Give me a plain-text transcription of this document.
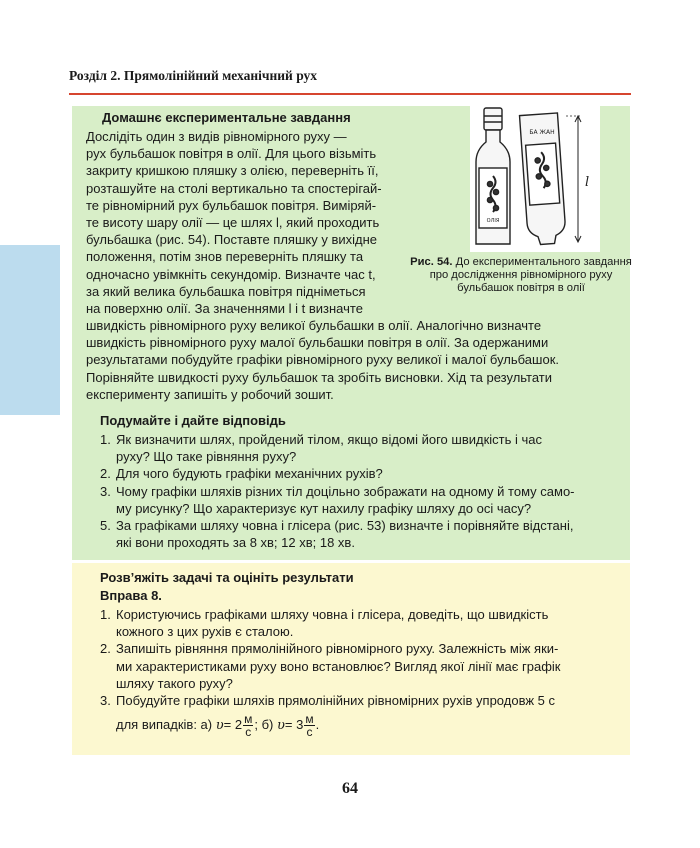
Розділ 2. Прямолінійний механічний рух
Домашнє експериментальне завдання
Дослідіть один з видів рівномірного руху —
рух бульбашок повітря в олії. Для цього візьміть
закриту кришкою пляшку з олією, переверніть її,
розташуйте на столі вертикально та спостерігай-
те рівномірний рух бульбашок повітря. Виміряй-
те висоту шару олії — це шлях l, який проходить
бульбашка (рис. 54). Поставте пляшку у вихідне
положення, потім знов переверніть пляшку та
одночасно увімкніть секундомір. Визначте час t,
за який велика бульбашка повітря підніметься
на поверхню олії. За значеннями l і t визначте
швидкість рівномірного руху великої бульбашки в олії. Аналогічно визначте
швидкість рівномірного руху малої бульбашки повітря в олії. За одержаними
результатами побудуйте графіки рівномірного руху великої і малої бульбашок.
Порівняйте швидкості руху бульбашок та зробіть висновки. Хід та результати
експерименту запишіть у робочий зошит.
ОЛІЯ
БА ЖАН
l
Рис. 54. До експериментального завдання про дослідження рівномірного руху бульбашок повітря в олії
Подумайте і дайте відповідь
1. Як визначити шлях, пройдений тілом, якщо відомі його швидкість і час
руху? Що таке рівняння руху?
2. Для чого будують графіки механічних рухів?
3. Чому графіки шляхів різних тіл доцільно зображати на одному й тому само-
му рисунку? Що характеризує кут нахилу графіку шляху до осі часу?
5. За графіками шляху човна і глісера (рис. 53) визначте і порівняйте відстані,
які вони проходять за 8 хв; 12 хв; 18 хв.
Розв’яжіть задачі та оцініть результати
Вправа 8.
1. Користуючись графіками шляху човна і глісера, доведіть, що швидкість
кожного з цих рухів є сталою.
2. Запишіть рівняння прямолінійного рівномірного руху. Залежність між яки-
ми характеристиками руху воно встановлює? Вигляд якої лінії має графік
шляху такого руху?
3. Побудуйте графіки шляхів прямолінійних рівномірних рухів упродовж 5 с
для випадків: а) $\upsilon= 2 \frac{м}{с}$ ; б) $\upsilon= 3 \frac{м}{с}$ .
64
